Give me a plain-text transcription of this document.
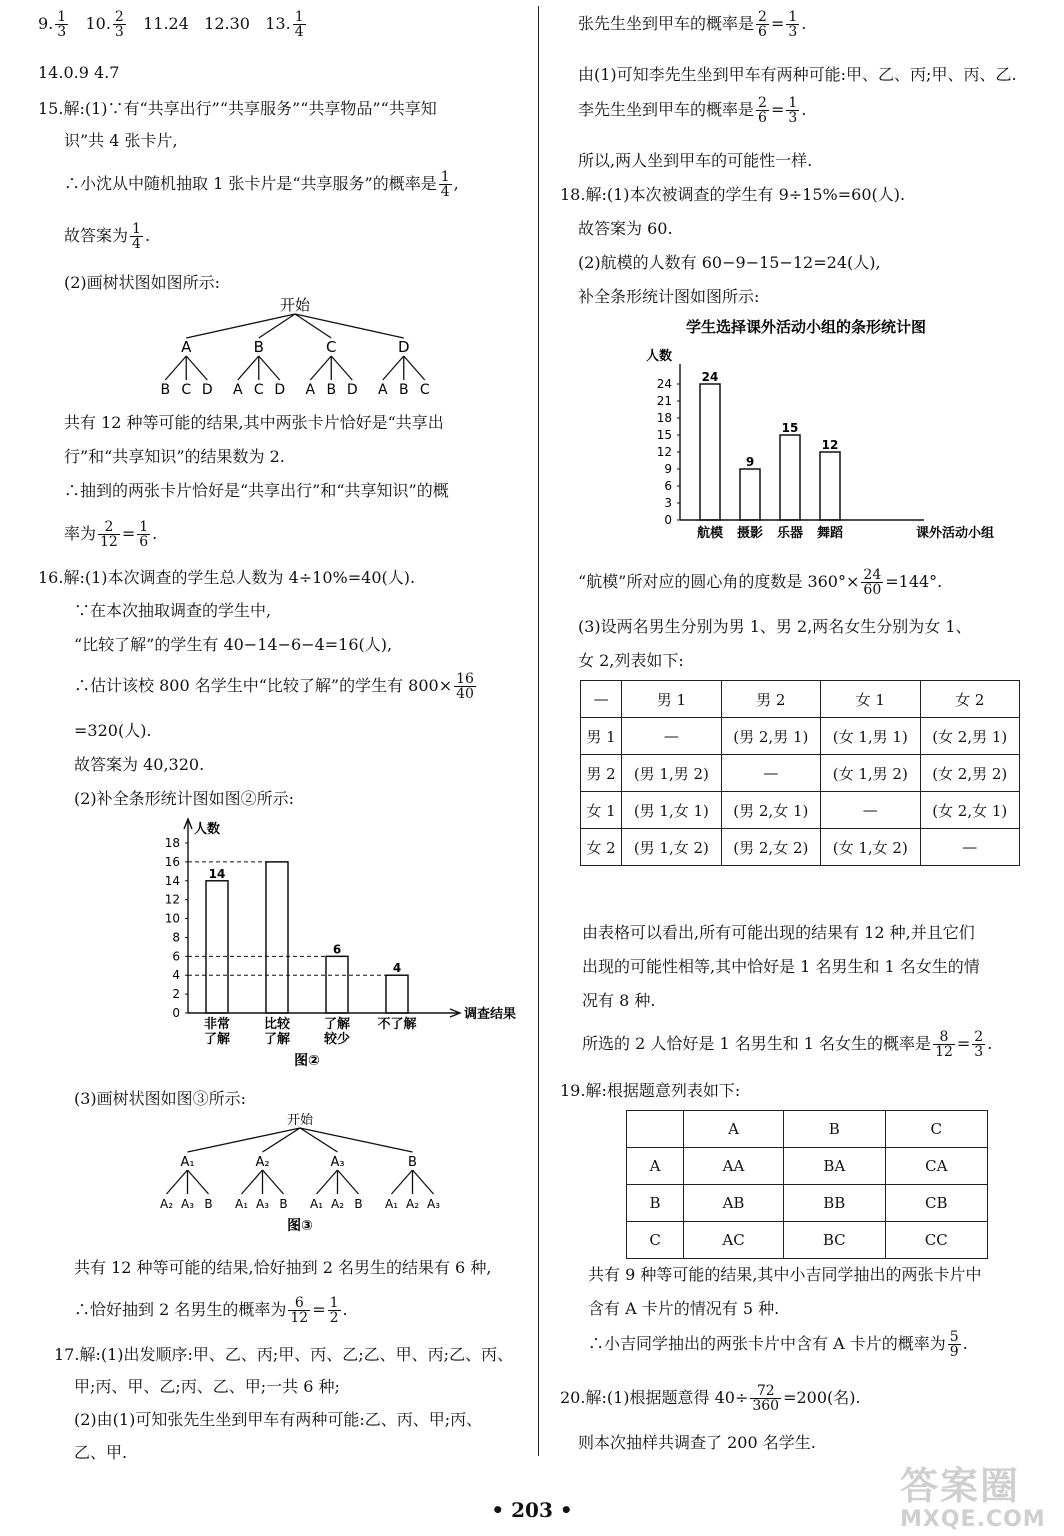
9. $\frac{1}{3} 10$. $\frac{2}{3} 11.24$ 12.30 13. $\frac{1}{4}$
14.0.9 4.7
15.解:(1)∵有“共享出行”“共享服务”“共享物品”“共享知
识”共 4 张卡片,
∴小沈从中随机抽取 1 张卡片是“共享服务”的概率是 $\frac{1}{4}$ ,
故答案为 $\frac{1}{4}$ .
(2)画树状图如图所示:
开始
A
B C D
B
A C D
C
A B D
D
A B C
共有 12 种等可能的结果,其中两张卡片恰好是“共享出
行”和“共享知识”的结果数为 2.
∴抽到的两张卡片恰好是“共享出行”和“共享知识”的概
率为 $\frac{2}{12} = \frac{1}{6}$ .
16.解:(1)本次调查的学生总人数为 4÷10%=40(人).
∵在本次抽取调查的学生中,
“比较了解”的学生有 40−14−6−4=16(人),
∴估计该校 800 名学生中“比较了解”的学生有 $800\times \frac{16}{40}$
=320(人).
故答案为 40,320.
(2)补全条形统计图如图②所示:
人数
调查结果
0
2
4
6
8
10
12
14
16
18
14
非常
了解
比较
了解
6
了解
较少
4
不了解
图②
(3)画树状图如图③所示:
开始
A₁
A₂ A₃ B
A₂
A₁ A₃ B
A₃
A₁ A₂ B
B
A₁ A₂ A₃
图③
共有 12 种等可能的结果,恰好抽到 2 名男生的结果有 6 种,
∴恰好抽到 2 名男生的概率为 $\frac{6}{12} = \frac{1}{2}$ .
17.解:(1)出发顺序:甲、乙、丙;甲、丙、乙;乙、甲、丙;乙、丙、
甲;丙、甲、乙;丙、乙、甲;一共 6 种;
(2)由(1)可知张先生坐到甲车有两种可能:乙、丙、甲;丙、
乙、甲.
张先生坐到甲车的概率是 $\frac{2}{6} = \frac{1}{3}$ .
由(1)可知李先生坐到甲车有两种可能:甲、乙、丙;甲、丙、乙.
李先生坐到甲车的概率是 $\frac{2}{6} = \frac{1}{3}$ .
所以,两人坐到甲车的可能性一样.
18.解:(1)本次被调查的学生有 9÷15%=60(人).
故答案为 60.
(2)航模的人数有 60−9−15−12=24(人),
补全条形统计图如图所示:
学生选择课外活动小组的条形统计图
人数
课外活动小组
0
3
6
9
12
15
18
21
24 24
航模
9
摄影
15
乐器
12
舞蹈
“航模”所对应的圆心角的度数是 $360^\circ\times \frac{24}{60} =144^\circ$.
(3)设两名男生分别为男 1、男 2,两名女生分别为女 1、
女 2,列表如下:
—	男 1	男 2	女 1	女 2
男 1	—	(男 2,男 1)	(女 1,男 1)	(女 2,男 1)
男 2	(男 1,男 2)	—	(女 1,男 2)	(女 2,男 2)
女 1	(男 1,女 1)	(男 2,女 1)	—	(女 2,女 1)
女 2	(男 1,女 2)	(男 2,女 2)	(女 1,女 2)	—
由表格可以看出,所有可能出现的结果有 12 种,并且它们
出现的可能性相等,其中恰好是 1 名男生和 1 名女生的情
况有 8 种.
所选的 2 人恰好是 1 名男生和 1 名女生的概率是 $\frac{8}{12} = \frac{2}{3}$ .
19.解:根据题意列表如下:
	A	B	C
A	AA	BA	CA
B	AB	BB	CB
C	AC	BC	CC
共有 9 种等可能的结果,其中小吉同学抽出的两张卡片中
含有 A 卡片的情况有 5 种.
∴小吉同学抽出的两张卡片中含有 A 卡片的概率为 $\frac{5}{9}$ .
20.解:(1)根据题意得 $40\div \frac{72}{360} =200$(名).
则本次抽样共调查了 200 名学生.
• 203 •
答案圈
MXQE.COM
